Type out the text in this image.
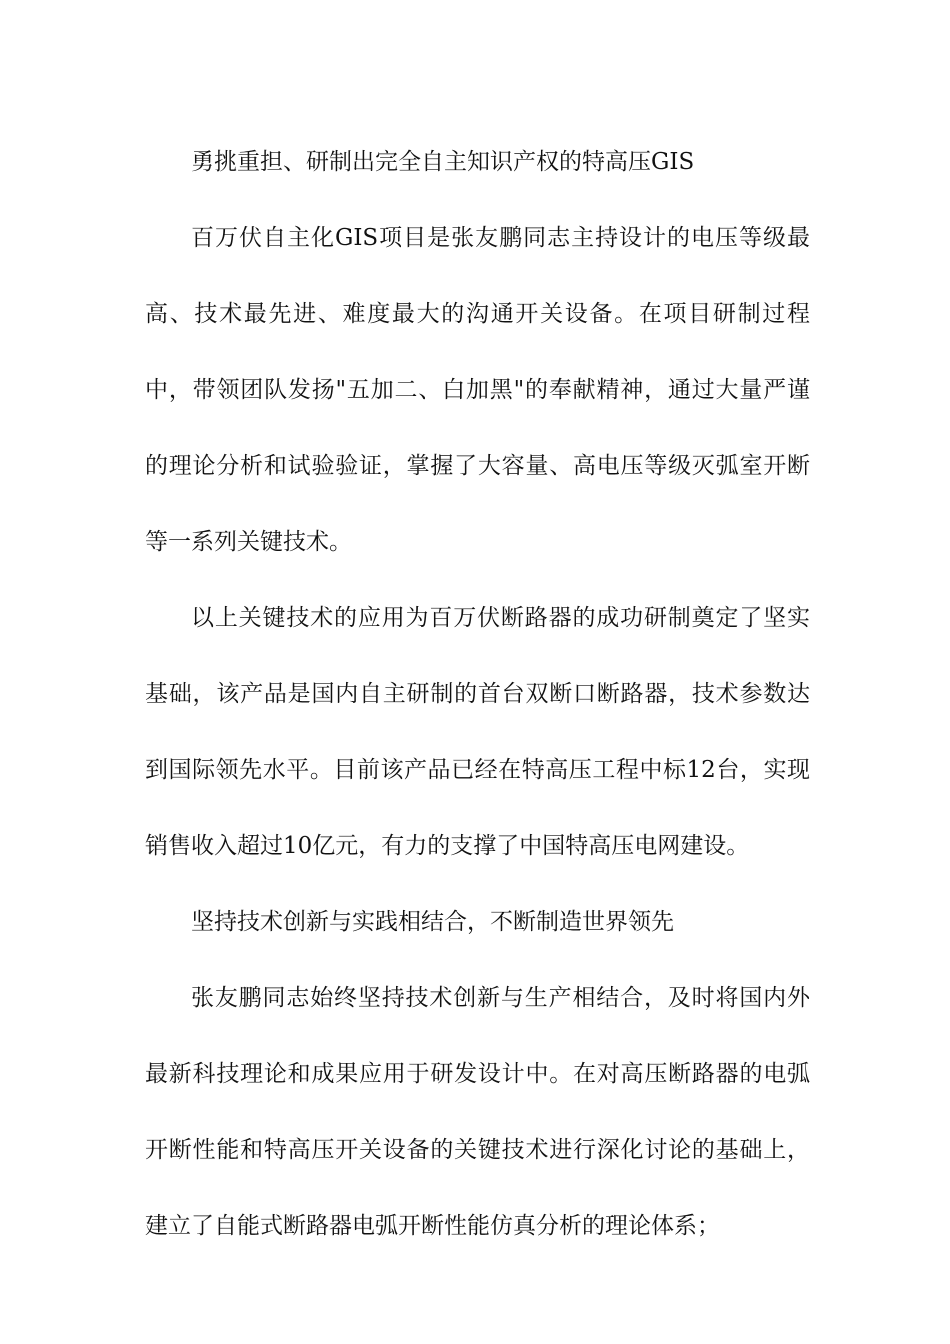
勇挑重担、研制出完全自主知识产权的特高压GIS

百万伏自主化GIS项目是张友鹏同志主持设计的电压等级最高、技术最先进、难度最大的沟通开关设备。在项目研制过程中，带领团队发扬"五加二、白加黑"的奉献精神，通过大量严谨的理论分析和试验验证，掌握了大容量、高电压等级灭弧室开断等一系列关键技术。

以上关键技术的应用为百万伏断路器的成功研制奠定了坚实基础，该产品是国内自主研制的首台双断口断路器，技术参数达到国际领先水平。目前该产品已经在特高压工程中标12台，实现销售收入超过10亿元，有力的支撑了中国特高压电网建设。

坚持技术创新与实践相结合，不断制造世界领先

张友鹏同志始终坚持技术创新与生产相结合，及时将国内外最新科技理论和成果应用于研发设计中。在对高压断路器的电弧开断性能和特高压开关设备的关键技术进行深化讨论的基础上，建立了自能式断路器电弧开断性能仿真分析的理论体系；
